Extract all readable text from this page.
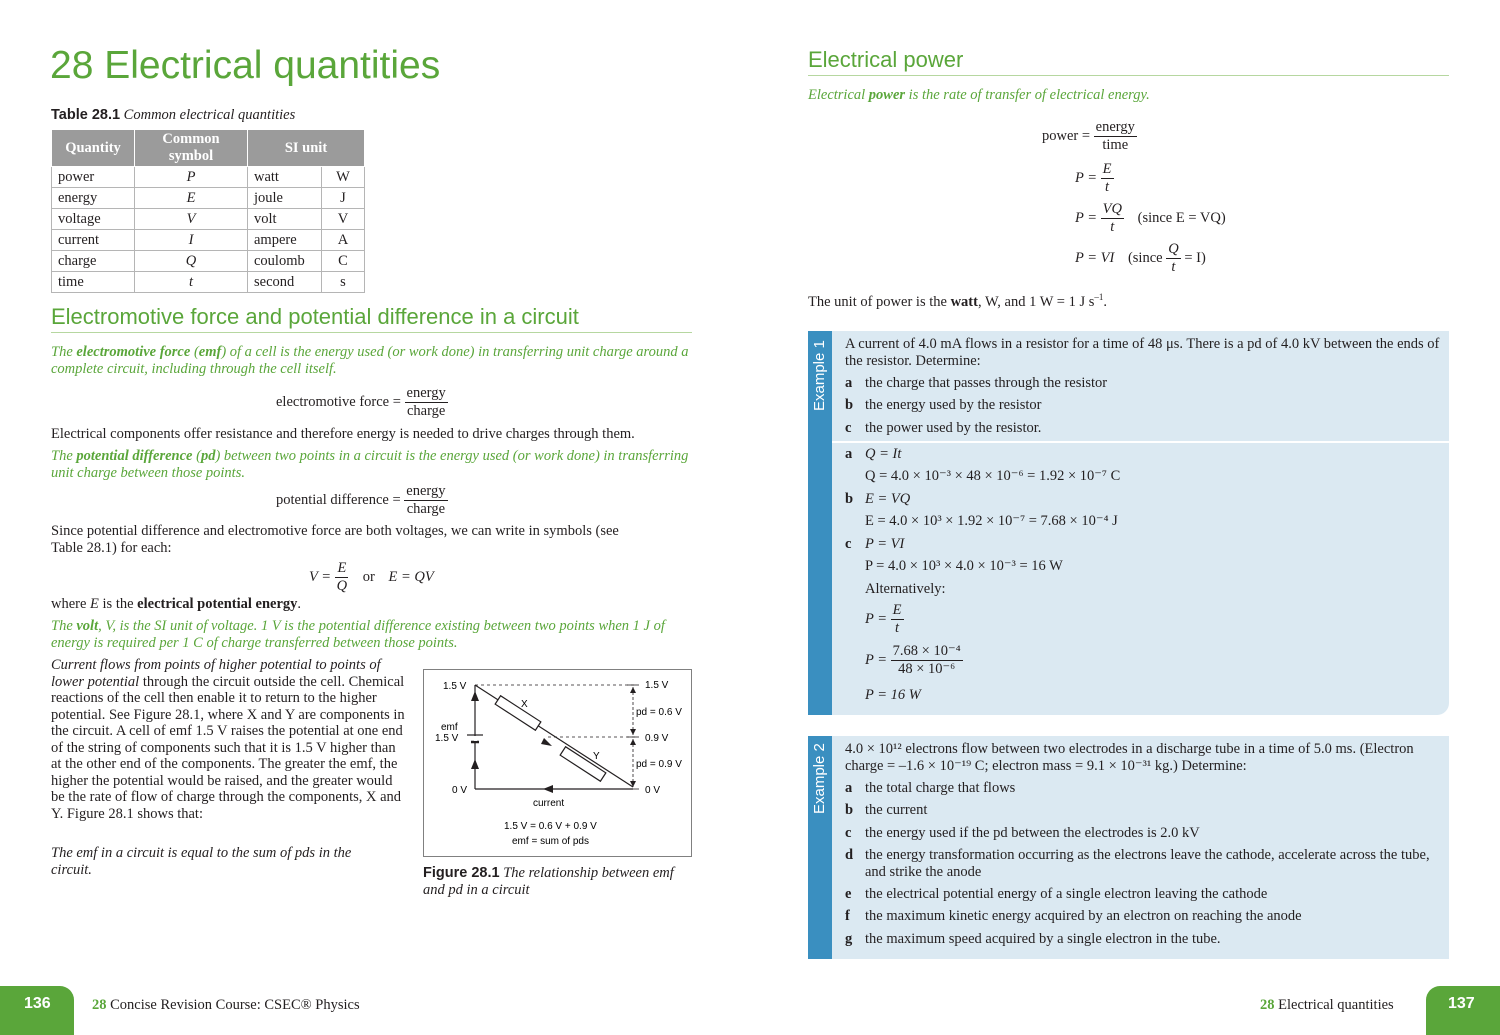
28 Electrical quantities
Table 28.1 Common electrical quantities
Quantity	Common symbol	SI unit	
power	P	watt	W
energy	E	joule	J
voltage	V	volt	V
current	I	ampere	A
charge	Q	coulomb	C
time	t	second	s
Electromotive force and potential difference in a circuit
The electromotive force (emf) of a cell is the energy used (or work done) in transferring unit charge around a complete circuit, including through the cell itself.
electromotive force = $\frac{\text{energy}}{\text{charge}}$
Electrical components offer resistance and therefore energy is needed to drive charges through them.
The potential difference (pd) between two points in a circuit is the energy used (or work done) in transferring unit charge between those points.
potential difference = $\frac{\text{energy}}{\text{charge}}$
Since potential difference and electromotive force are both voltages, we can write in symbols (see Table 28.1) for each:
$V = \frac{E}{Q}$ or E = QV
where E is the electrical potential energy.
The volt, V, is the SI unit of voltage. 1 V is the potential difference existing between two points when 1 J of energy is required per 1 C of charge transferred between those points.
Current flows from points of higher potential to points of lower potential through the circuit outside the cell. Chemical reactions of the cell then enable it to return to the higher potential. See Figure 28.1, where X and Y are components in the circuit. A cell of emf 1.5 V raises the potential at one end of the string of components such that it is 1.5 V higher than at the other end of the components. The greater the emf, the higher the potential would be raised, and the greater would be the rate of flow of charge through the components, X and Y. Figure 28.1 shows that:
The emf in a circuit is equal to the sum of pds in the circuit.
1.5 V
emf
1.5 V
0 V
X
Y
1.5 V
pd = 0.6 V
0.9 V
pd = 0.9 V
0 V
current
1.5 V = 0.6 V + 0.9 V
emf = sum of pds
Figure 28.1 The relationship between emf and pd in a circuit
136	28 Concise Revision Course: CSEC® Physics
Electrical power
Electrical power is the rate of transfer of electrical energy.
power = $\frac{\text{energy}}{\text{time}}$
$P = \frac{E}{t}$
$P = \frac{VQ}{t}$ (since E = VQ)
P = VI (since $\frac{Q}{t} = I$)
The unit of power is the watt, W, and 1 W = 1 J $s^{-1}$.
Example 1 A current of 4.0 mA flows in a resistor for a time of 48 μs. There is a pd of 4.0 kV between the ends of the resistor. Determine:
a the charge that passes through the resistor
b the energy used by the resistor
c the power used by the resistor.
a Q = It
Q = 4.0 × 10⁻³ × 48 × 10⁻⁶ = 1.92 × 10⁻⁷ C
b E = VQ
E = 4.0 × 10³ × 1.92 × 10⁻⁷ = 7.68 × 10⁻⁴ J
c P = VI
P = 4.0 × 10³ × 4.0 × 10⁻³ = 16 W
Alternatively:
$P = \frac{E}{t}$
$P = \frac{\text{7.68 × 10⁻⁴}}{\text{48 × 10⁻⁶}}$
P = 16 W
Example 2 4.0 × 10¹² electrons flow between two electrodes in a discharge tube in a time of 5.0 ms. (Electron charge = –1.6 × 10⁻¹⁹ C; electron mass = 9.1 × 10⁻³¹ kg.) Determine:
a the total charge that flows
b the current
c the energy used if the pd between the electrodes is 2.0 kV
d the energy transformation occurring as the electrons leave the cathode, accelerate across the tube, and strike the anode
e the electrical potential energy of a single electron leaving the cathode
f the maximum kinetic energy acquired by an electron on reaching the anode
g the maximum speed acquired by a single electron in the tube.
28 Electrical quantities	137
